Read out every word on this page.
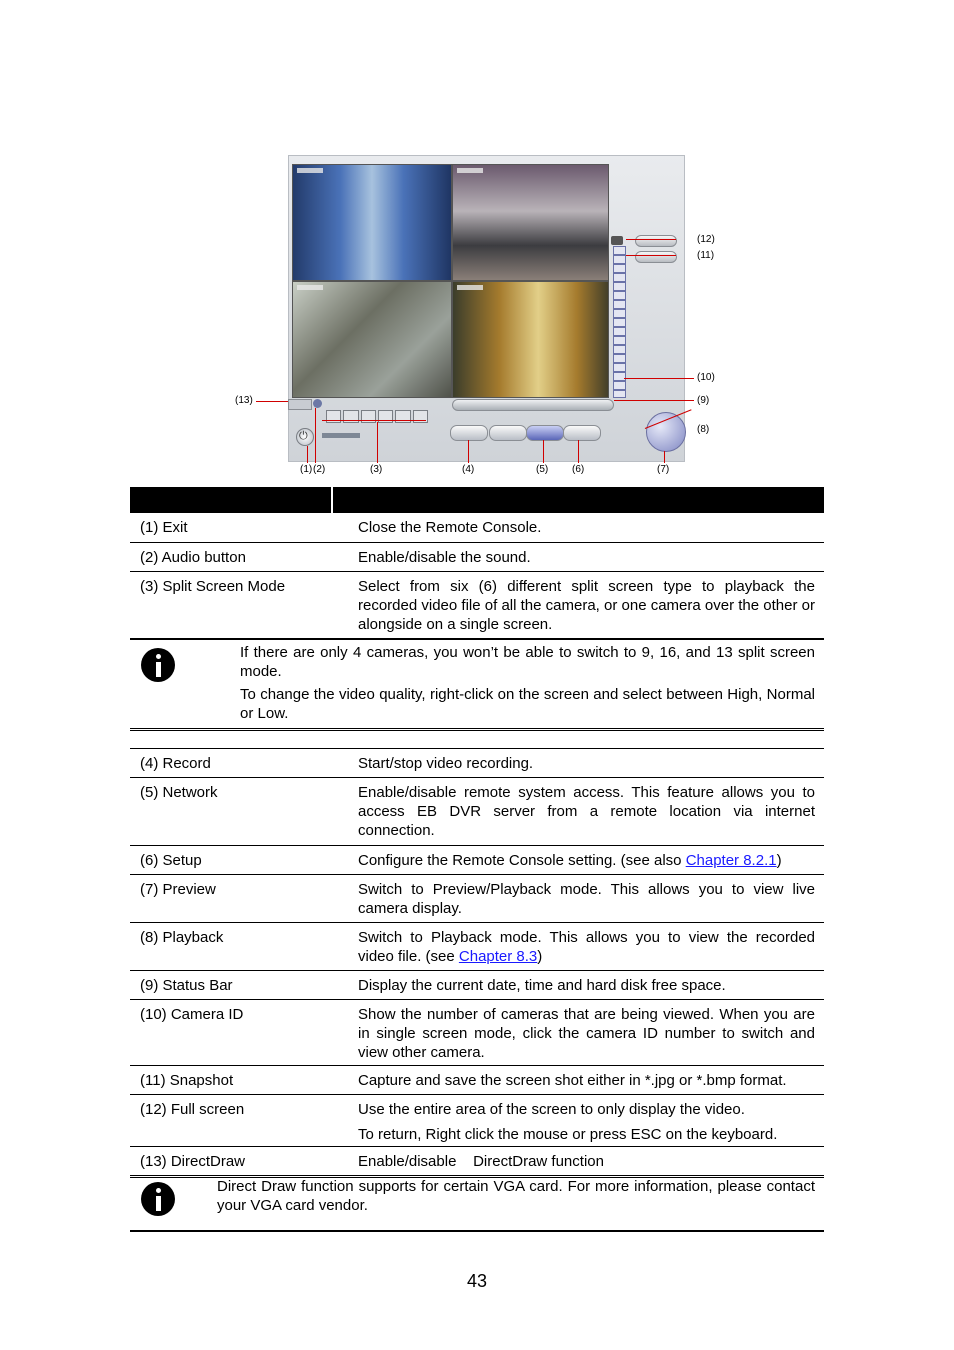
⏻
(1) (2)	(3)	(4)	(5) (6)	(7)
(8)
(9)
(10)
(11)
(12)
(13)
(1) Exit	Close the Remote Console.
(2) Audio button	Enable/disable the sound.
(3) Split Screen Mode	Select from six (6) different split screen type to playback the recorded video file of all the camera, or one camera over the other or alongside on a single screen.

If there are only 4 cameras, you won’t be able to switch to 9, 16, and 13 split screen mode.

To change the video quality, right-click on the screen and select between High, Normal or Low.

(4) Record	Start/stop video recording.
(5) Network	Enable/disable remote system access. This feature allows you to access EB DVR server from a remote location via internet connection.
(6) Setup	Configure the Remote Console setting. (see also Chapter 8.2.1)
(7) Preview	Switch to Preview/Playback mode. This allows you to view live camera display.
(8) Playback	Switch to Playback mode. This allows you to view the recorded video file. (see Chapter 8.3)
(9) Status Bar	Display the current date, time and hard disk free space.
(10) Camera ID	Show the number of cameras that are being viewed. When you are in single screen mode, click the camera ID number to switch and view other camera.
(11) Snapshot	Capture and save the screen shot either in *.jpg or *.bmp format.
(12) Full screen	Use the entire area of the screen to only display the video.

To return, Right click the mouse or press ESC on the keyboard.

(13) DirectDraw	Enable/disable    DirectDraw function

Direct Draw function supports for certain VGA card. For more information, please contact your VGA card vendor.

43
